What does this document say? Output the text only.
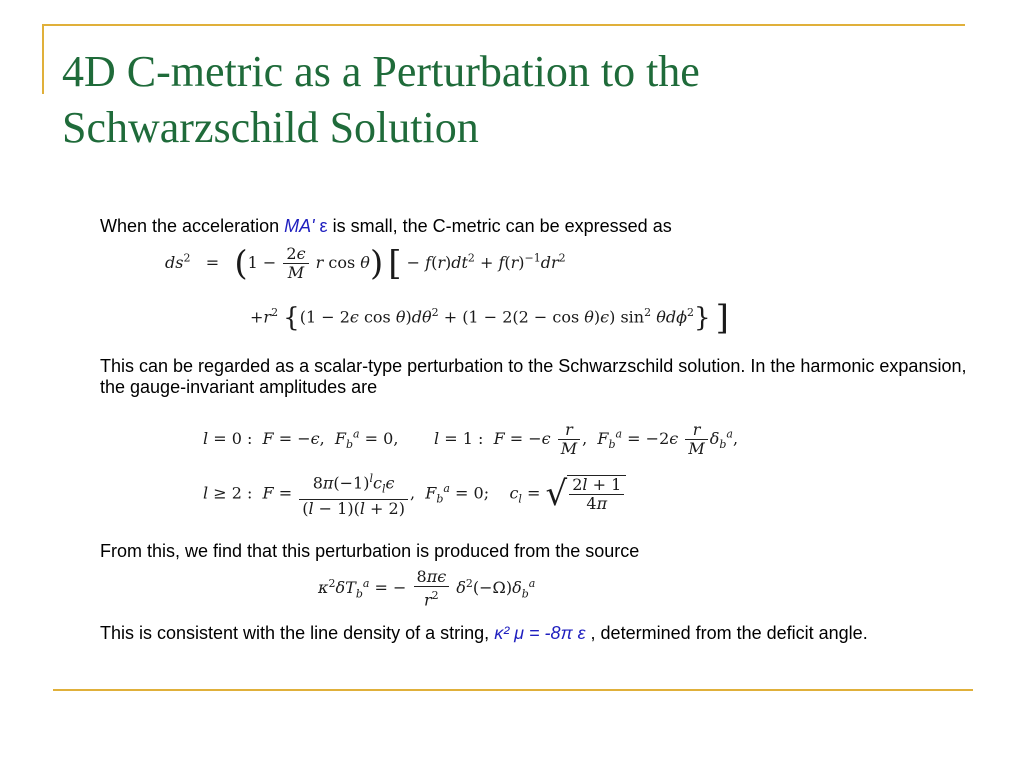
4D C-metric as a Perturbation to the
Schwarzschild Solution
When the acceleration MA' ε is small, the C-metric can be expressed as
$ds^2 = (1 - \frac{2\epsilon}{M}$ r cos θ) [ − $f(r)dt^2 + f(r)^{-1}dr^2$
$+r^2$ {(1 − 2ϵ $\cos \theta)d\theta^2 + (1 - 2(2 - \cos \theta)\epsilon)$ $\sin^2 \theta d\phi^2$} ]
This can be regarded as a scalar-type perturbation to the Schwarzschild solution. In the harmonic expansion, the gauge-invariant amplitudes are
l = 0 :  F = −ϵ,  $F_b^a = 0$,       l = 1 :  $F = -\epsilon \frac{r}{M}$ ,  $F_b^a = -2\epsilon \frac{r}{M} \delta_b^a$,
l ≥ 2 :  $F = \frac{8\pi(-1)^lc_l\epsilon}{(l - 1)(l + 2)}$ ,  $F_b^a = 0$;    $c_l$ = √ $\frac{2l + 1}{4\pi}$
From this, we find that this perturbation is produced from the source
$\kappa^2\delta T_b^a$ = − $\frac{8\pi\epsilon}{r^2} \delta^2(-\Omega)\delta_b^a$
This is consistent with the line density of a string, κ² μ = -8π ε , determined from the deficit angle.
